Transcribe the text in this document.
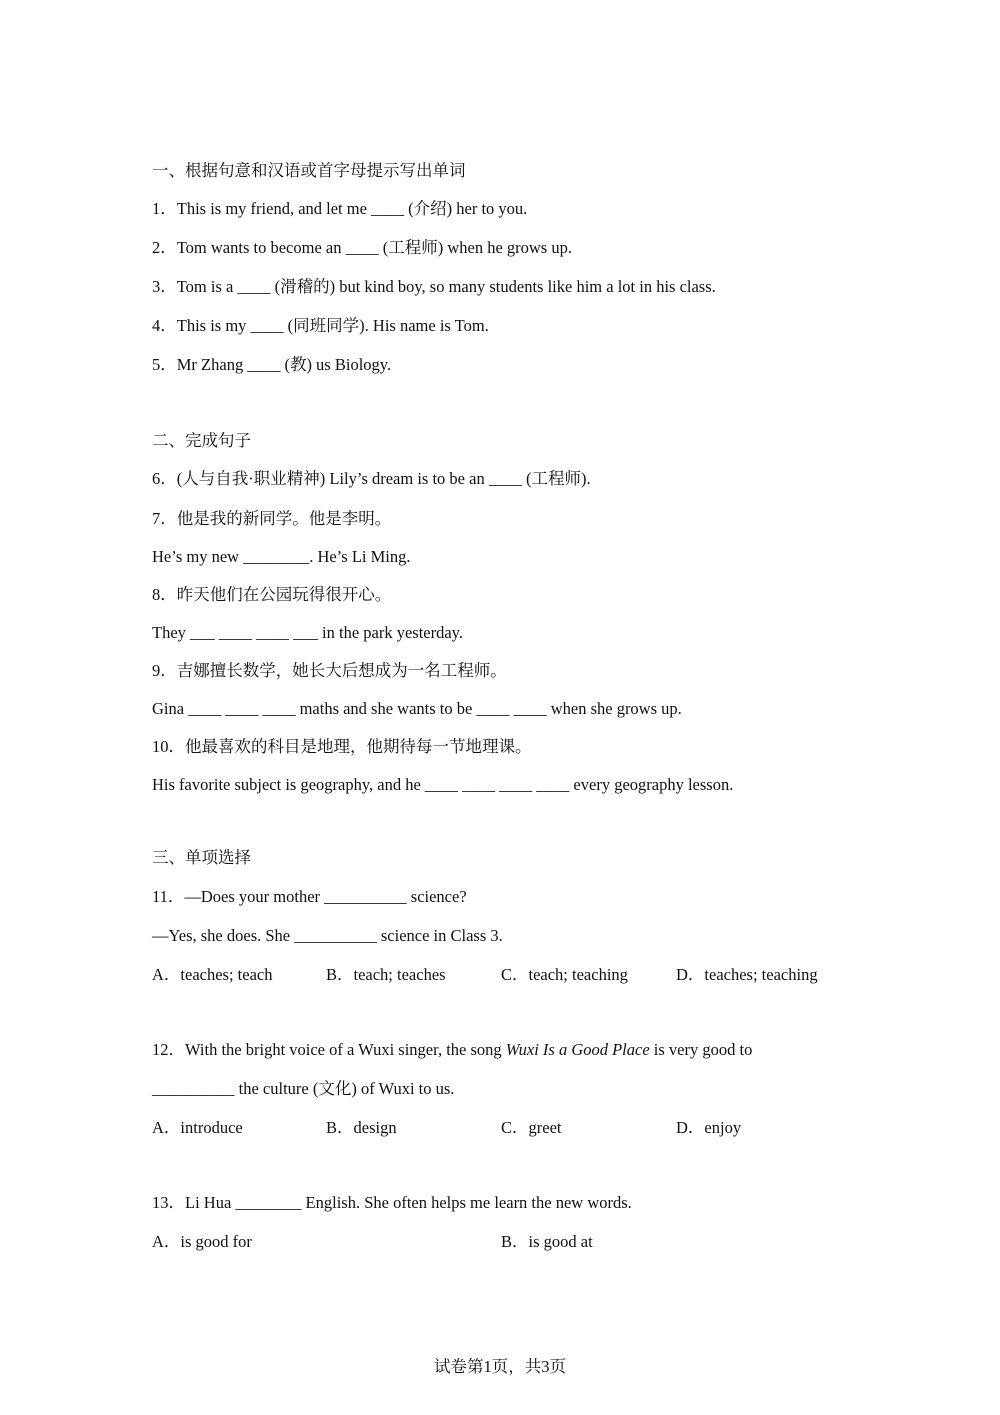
一、根据句意和汉语或首字母提示写出单词
1．This is my friend, and let me ____ (介绍) her to you.
2．Tom wants to become an ____ (工程师) when he grows up.
3．Tom is a ____ (滑稽的) but kind boy, so many students like him a lot in his class.
4．This is my ____ (同班同学). His name is Tom.
5．Mr Zhang ____ (教) us Biology.
二、完成句子
6．(人与自我·职业精神) Lily’s dream is to be an ____ (工程师).
7．他是我的新同学。他是李明。
He’s my new ________. He’s Li Ming.
8．昨天他们在公园玩得很开心。
They ___ ____ ____ ___ in the park yesterday.
9．吉娜擅长数学，她长大后想成为一名工程师。
Gina ____ ____ ____ maths and she wants to be ____ ____ when she grows up.
10．他最喜欢的科目是地理，他期待每一节地理课。
His favorite subject is geography, and he ____ ____ ____ ____ every geography lesson.
三、单项选择
11．—Does your mother __________ science?
—Yes, she does. She __________ science in Class 3.
A．teaches; teach	B．teach; teaches	C．teach; teaching	D．teaches; teaching
12．With the bright voice of a Wuxi singer, the song Wuxi Is a Good Place is very good to
__________ the culture (文化) of Wuxi to us.
A．introduce	B．design	C．greet	D．enjoy
13．Li Hua ________ English. She often helps me learn the new words.
A．is good for	B．is good at
试卷第1页，共3页
